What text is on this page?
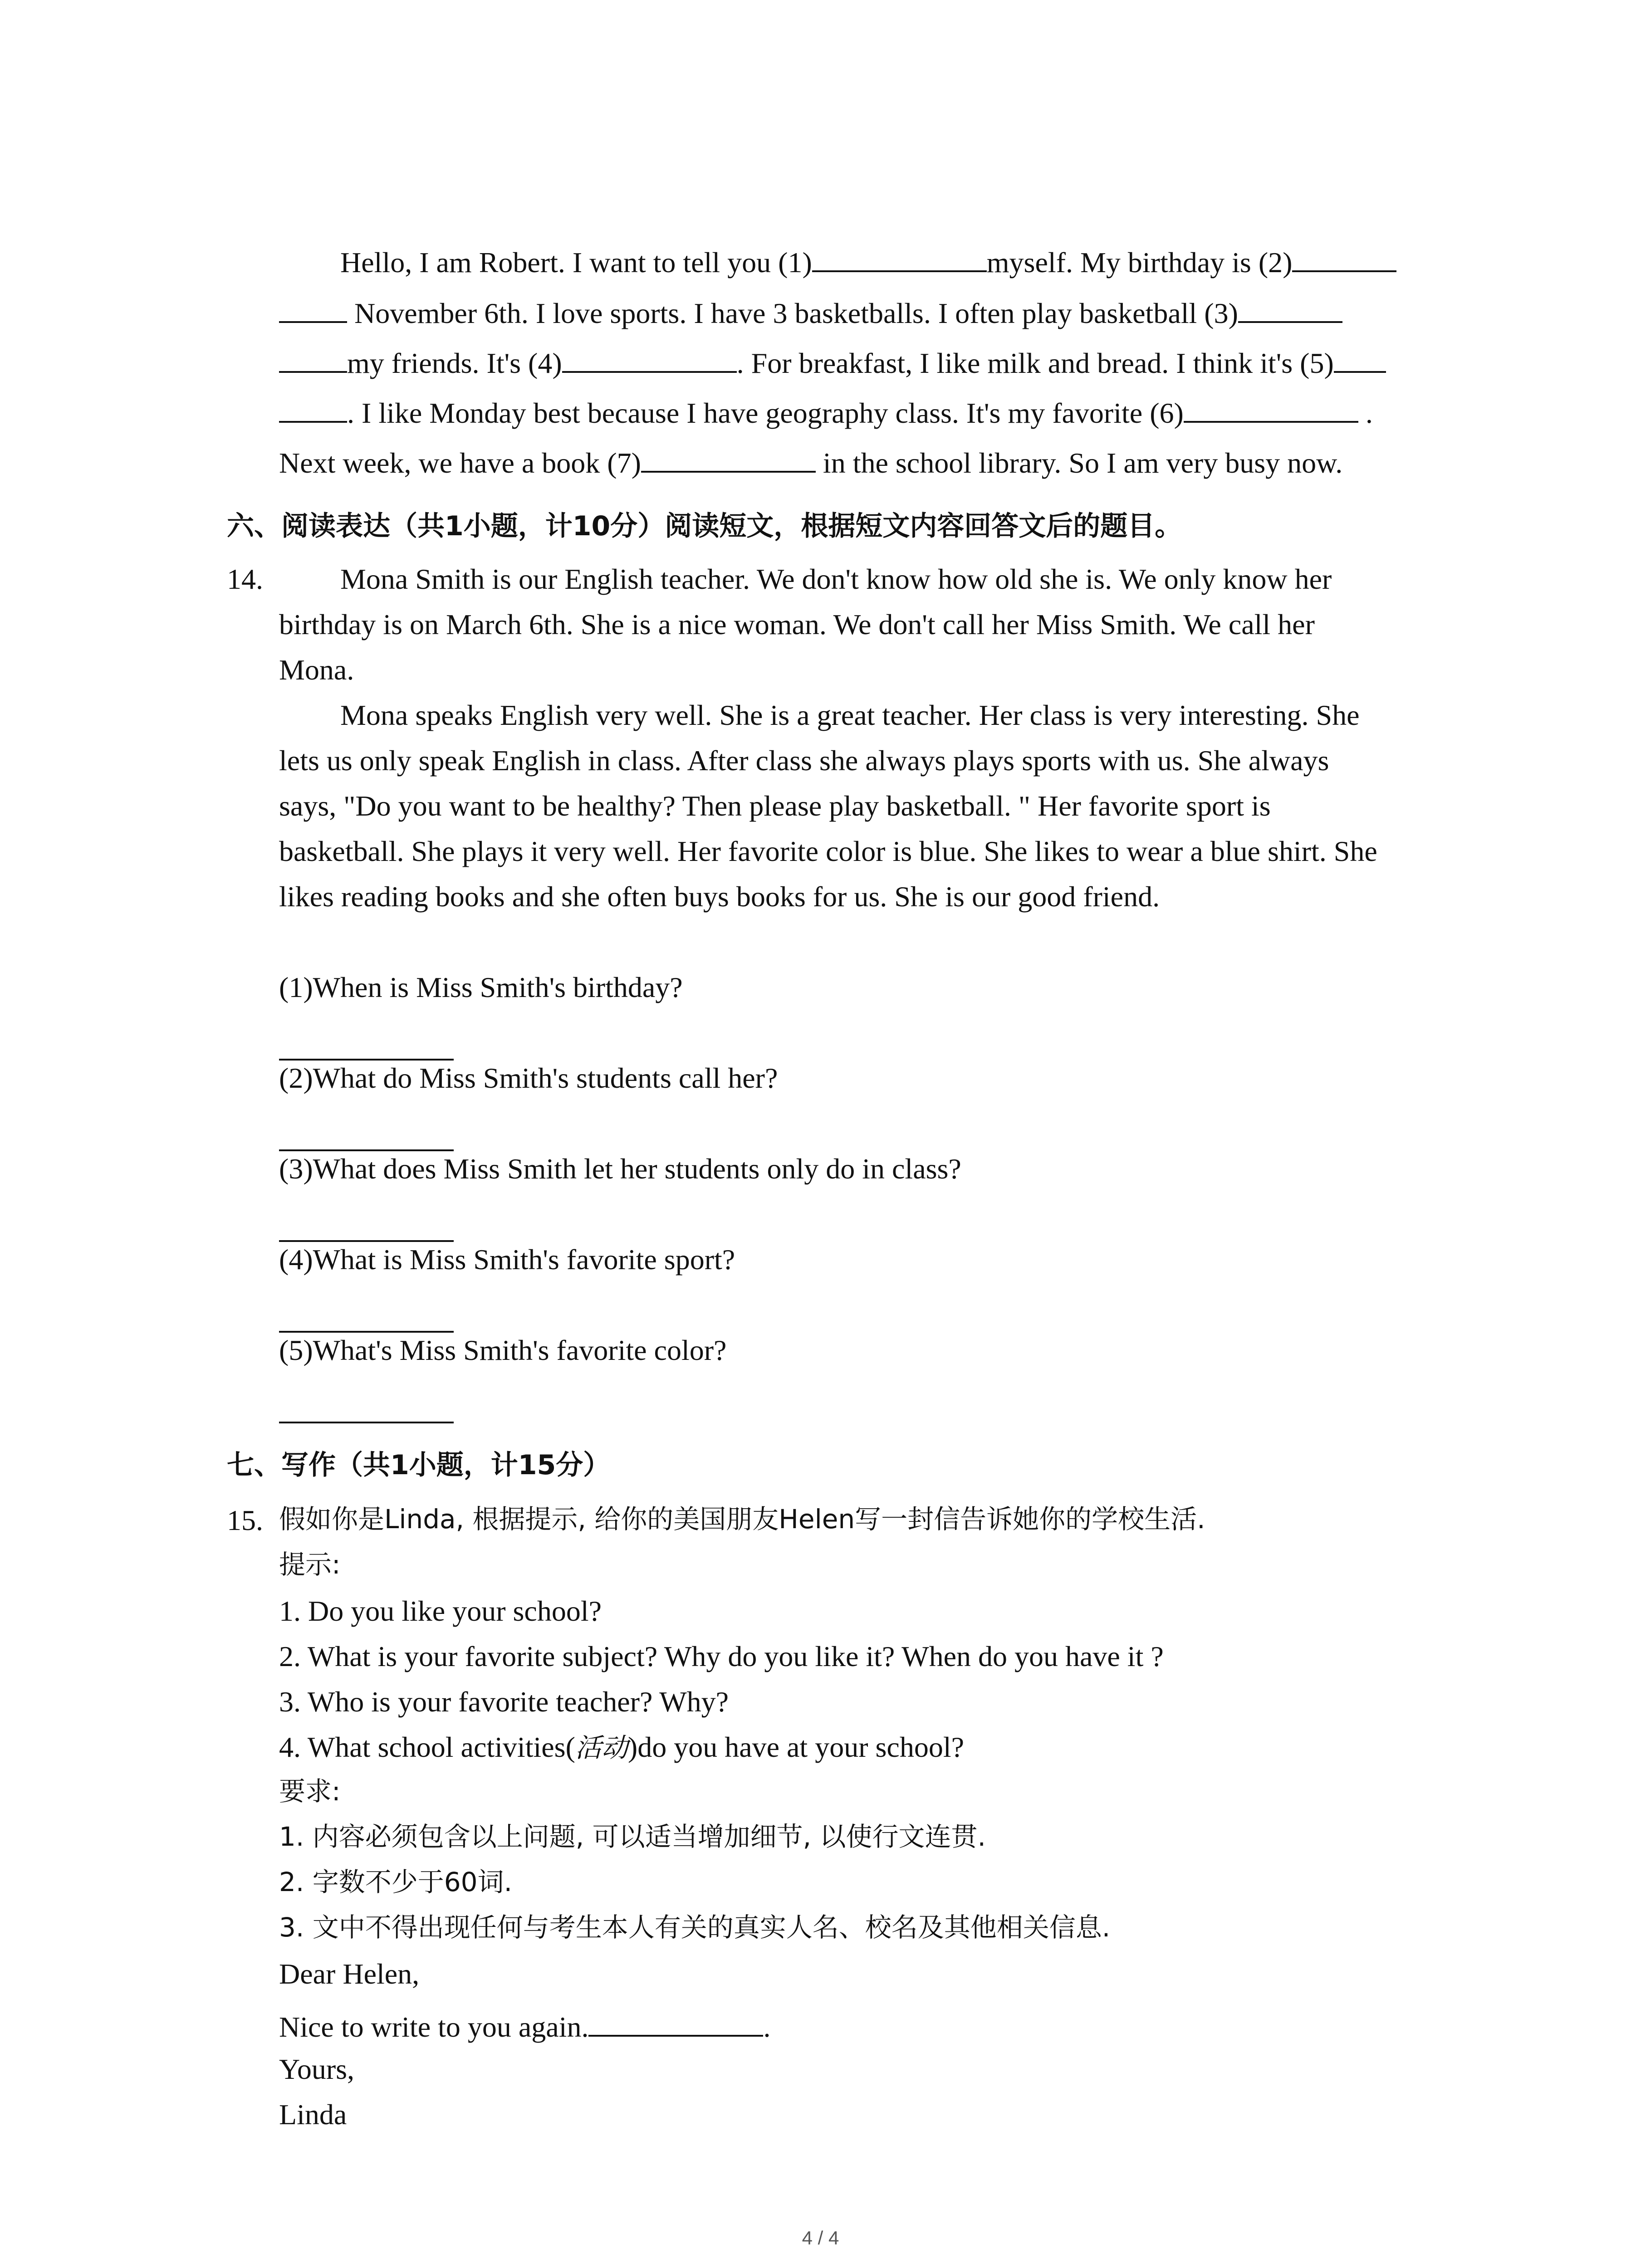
Hello, I am Robert. I want to tell you (1)	myself. My birthday is (2)
November 6th. I love sports. I have 3 basketballs. I often play basketball (3)
my friends. It's (4)	. For breakfast, I like milk and bread. I think it's (5)
. I like Monday best because I have geography class. It's my favorite (6)	.
Next week, we have a book (7)	in the school library. So I am very busy now.
六、阅读表达（共1小题，计10分）阅读短文，根据短文内容回答文后的题目。
14.	Mona Smith is our English teacher. We don't know how old she is. We only know her
birthday is on March 6th. She is a nice woman. We don't call her Miss Smith. We call her
Mona.
Mona speaks English very well. She is a great teacher. Her class is very interesting. She
lets us only speak English in class. After class she always plays sports with us. She always
says, "Do you want to be healthy? Then please play basketball. " Her favorite sport is
basketball. She plays it very well. Her favorite color is blue. She likes to wear a blue shirt. She
likes reading books and she often buys books for us. She is our good friend.
(1)When is Miss Smith's birthday?
(2)What do Miss Smith's students call her?
(3)What does Miss Smith let her students only do in class?
(4)What is Miss Smith's favorite sport?
(5)What's Miss Smith's favorite color?
七、写作（共1小题，计15分）
15. 假如你是Linda, 根据提示, 给你的美国朋友Helen写一封信告诉她你的学校生活.
提示:
1. Do you like your school?
2. What is your favorite subject? Why do you like it? When do you have it ?
3. Who is your favorite teacher? Why?
4. What school activities(活动)do you have at your school?
要求:
1. 内容必须包含以上问题, 可以适当增加细节, 以使行文连贯.
2. 字数不少于60词.
3. 文中不得出现任何与考生本人有关的真实人名、校名及其他相关信息.
Dear Helen,
Nice to write to you again.	.
Yours,
Linda
4 / 4
